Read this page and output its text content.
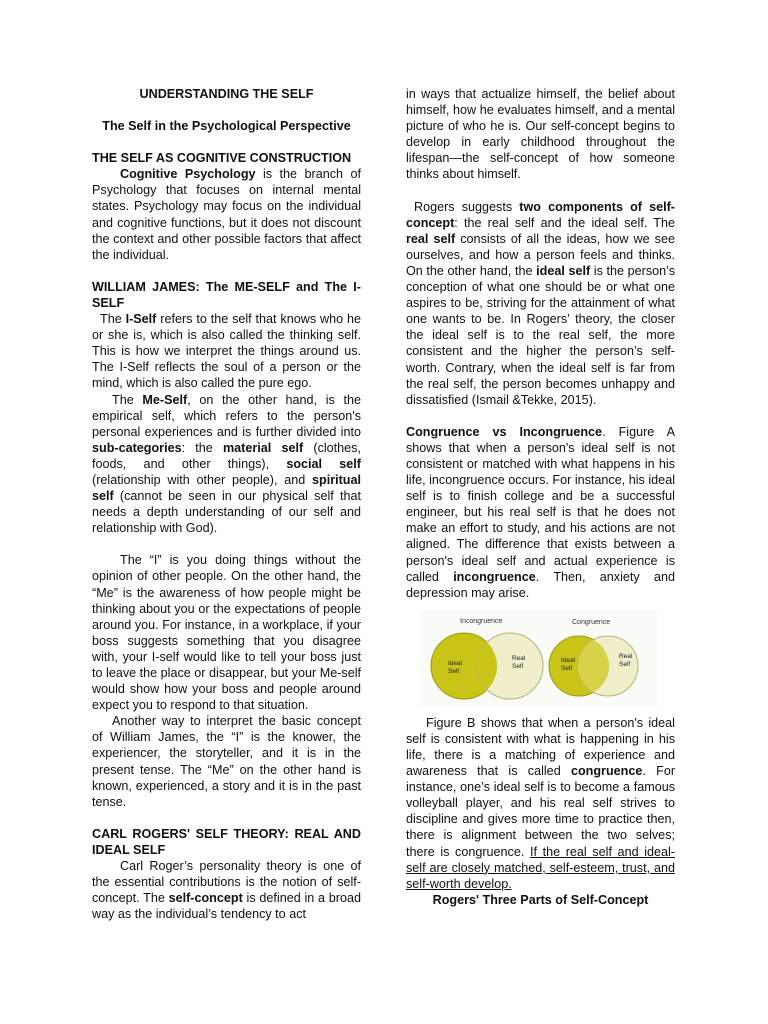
UNDERSTANDING THE SELF

The Self in the Psychological Perspective

THE SELF AS COGNITIVE CONSTRUCTION

Cognitive Psychology is the branch of Psychology that focuses on internal mental states. Psychology may focus on the individual and cognitive functions, but it does not discount the context and other possible factors that affect the individual.

WILLIAM JAMES: The ME-SELF and The I-SELF

The I-Self refers to the self that knows who he or she is, which is also called the thinking self. This is how we interpret the things around us. The I-Self reflects the soul of a person or the mind, which is also called the pure ego.

The Me-Self, on the other hand, is the empirical self, which refers to the person's personal experiences and is further divided into sub-categories: the material self (clothes, foods, and other things), social self (relationship with other people), and spiritual self (cannot be seen in our physical self that needs a depth understanding of our self and relationship with God).

The “I” is you doing things without the opinion of other people. On the other hand, the “Me” is the awareness of how people might be thinking about you or the expectations of people around you. For instance, in a workplace, if your boss suggests something that you disagree with, your I-self would like to tell your boss just to leave the place or disappear, but your Me-self would show how your boss and people around expect you to respond to that situation.

Another way to interpret the basic concept of William James, the “I” is the knower, the experiencer, the storyteller, and it is in the present tense. The “Me” on the other hand is known, experienced, a story and it is in the past tense.

CARL ROGERS' SELF THEORY: REAL AND IDEAL SELF

Carl Roger’s personality theory is one of the essential contributions is the notion of self-concept. The self-concept is defined in a broad way as the individual’s tendency to act

in ways that actualize himself, the belief about himself, how he evaluates himself, and a mental picture of who he is. Our self-concept begins to develop in early childhood throughout the lifespan—the self-concept of how someone thinks about himself.

Rogers suggests two components of self-concept: the real self and the ideal self. The real self consists of all the ideas, how we see ourselves, and how a person feels and thinks. On the other hand, the ideal self is the person’s conception of what one should be or what one aspires to be, striving for the attainment of what one wants to be. In Rogers’ theory, the closer the ideal self is to the real self, the more consistent and the higher the person’s self-worth. Contrary, when the ideal self is far from the real self, the person becomes unhappy and dissatisfied (Ismail &Tekke, 2015).

Congruence vs Incongruence. Figure A shows that when a person's ideal self is not consistent or matched with what happens in his life, incongruence occurs. For instance, his ideal self is to finish college and be a successful engineer, but his real self is that he does not make an effort to study, and his actions are not aligned. The difference that exists between a person's ideal self and actual experience is called incongruence. Then, anxiety and depression may arise.

Incongruence
Ideal
Self
Real
Self
Congruence
Ideal
Self
Real
Self

Figure B shows that when a person's ideal self is consistent with what is happening in his life, there is a matching of experience and awareness that is called congruence. For instance, one’s ideal self is to become a famous volleyball player, and his real self strives to discipline and gives more time to practice then, there is alignment between the two selves; there is congruence. If the real self and ideal-self are closely matched, self-esteem, trust, and self-worth develop.

Rogers' Three Parts of Self-Concept
